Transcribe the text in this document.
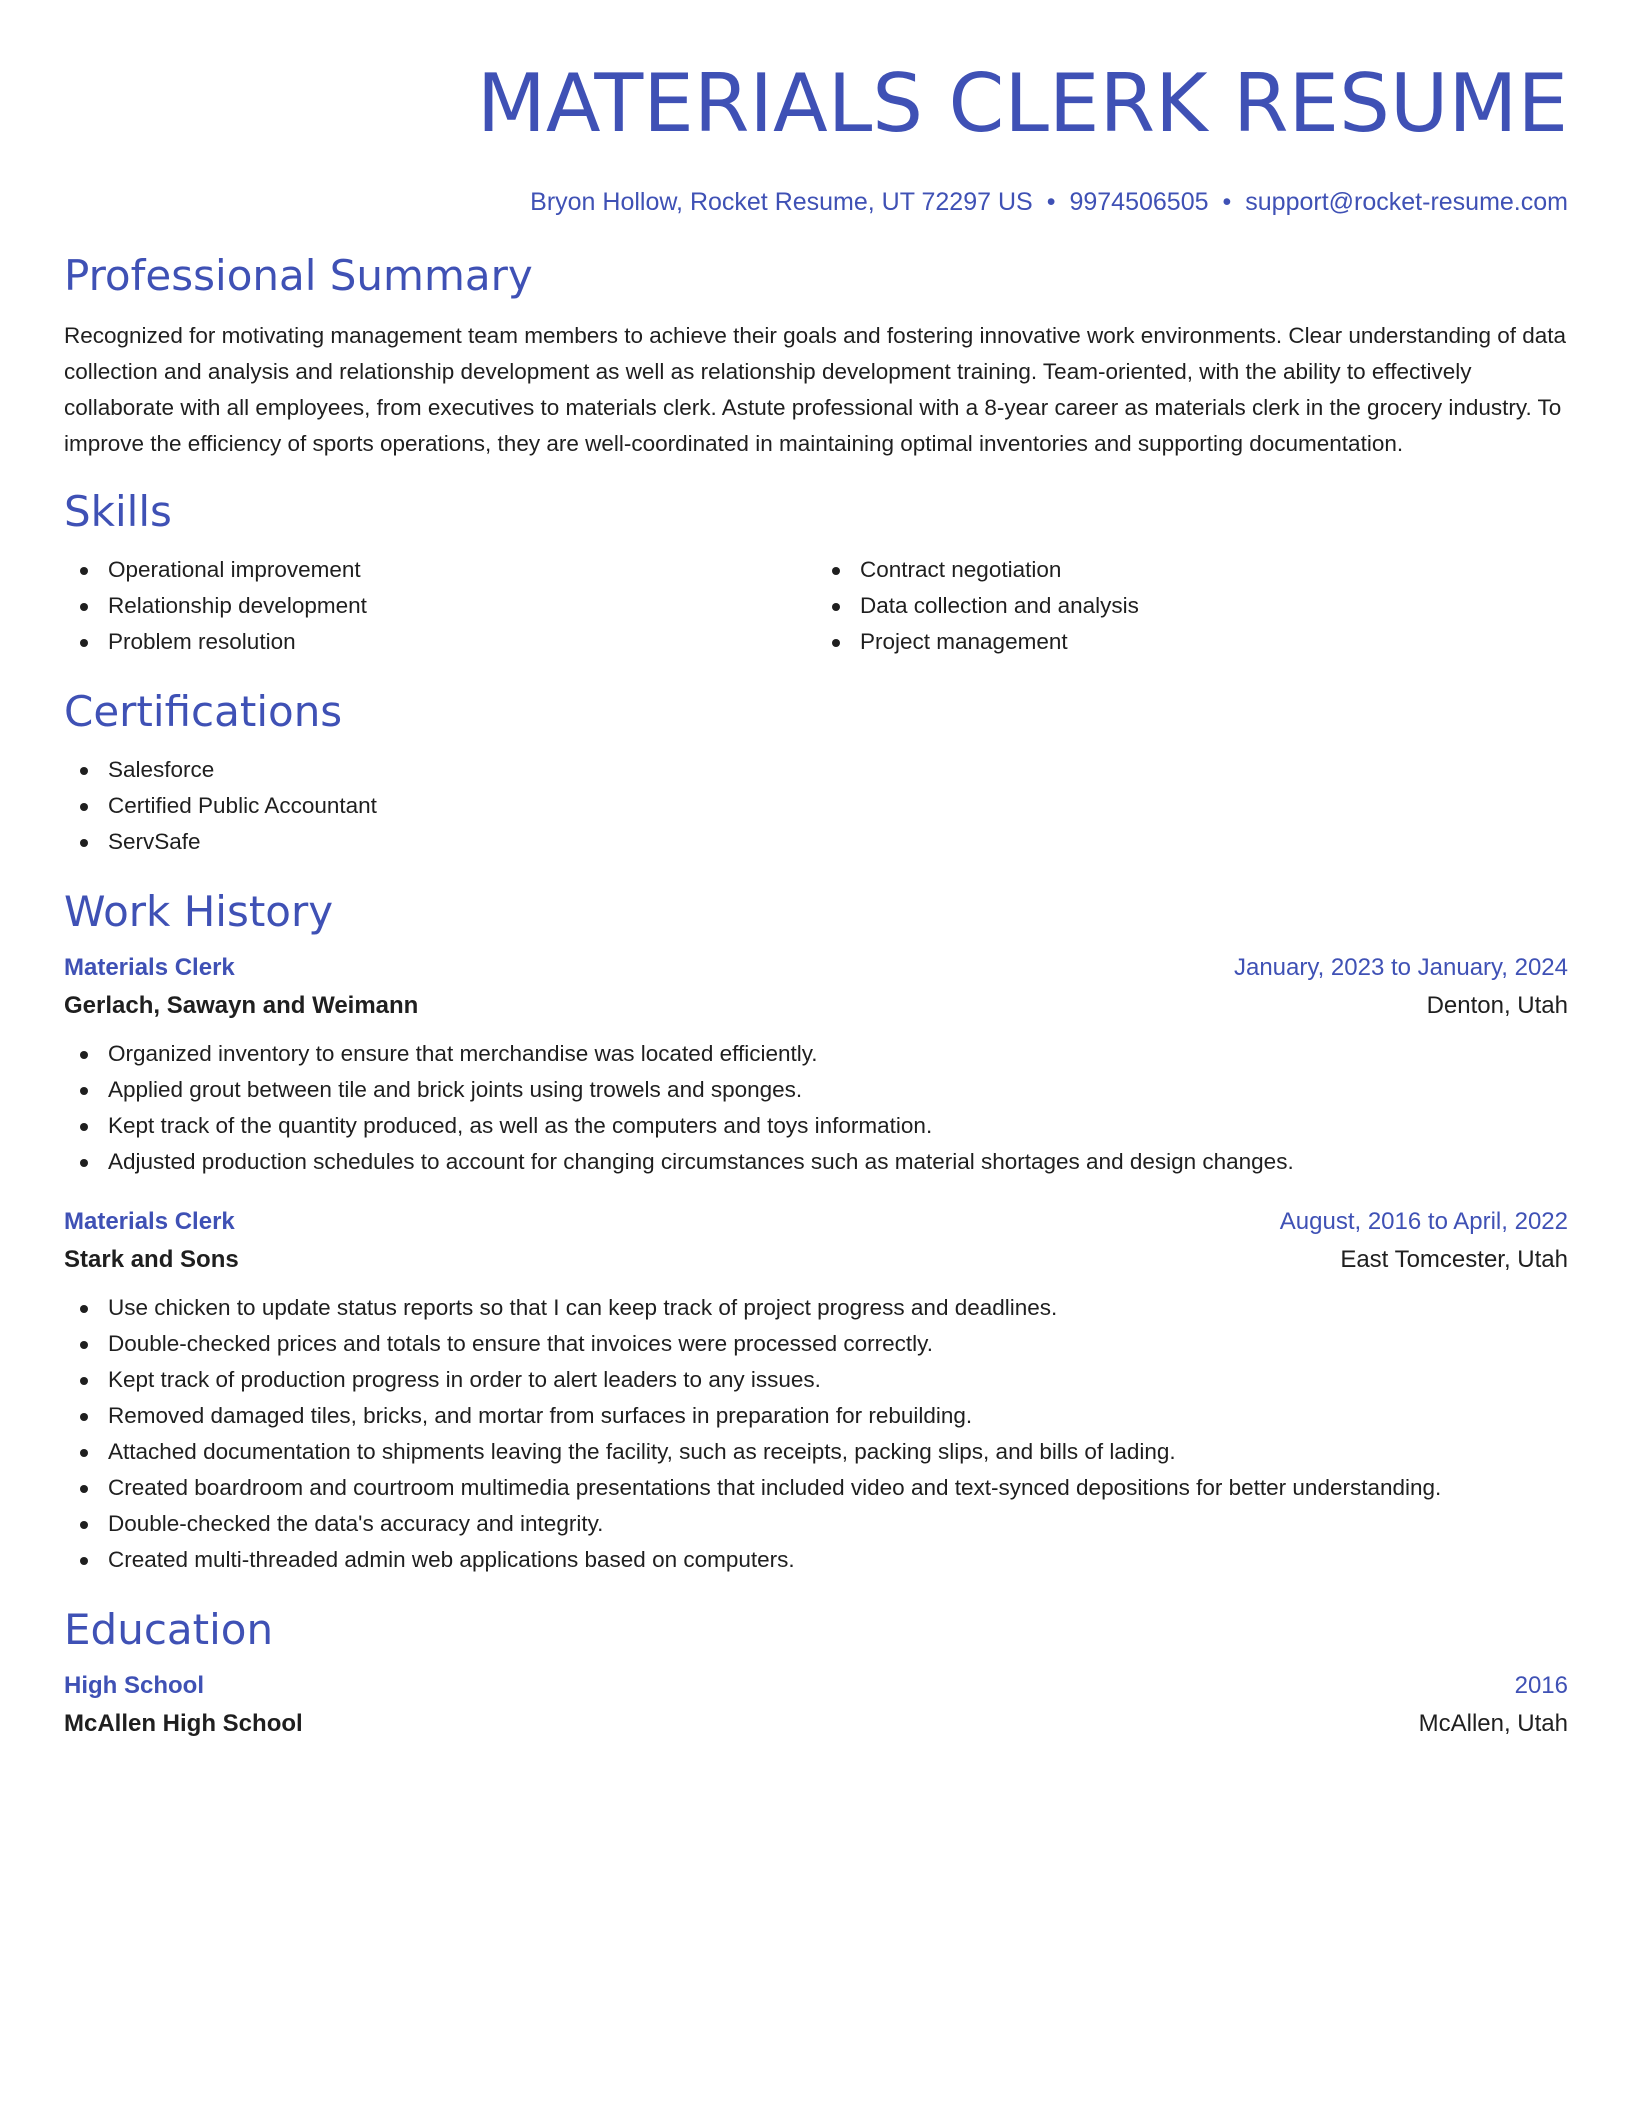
MATERIALS CLERK RESUME
Bryon Hollow, Rocket Resume, UT 72297 US • 9974506505 • support@rocket-resume.com
Professional Summary
Recognized for motivating management team members to achieve their goals and fostering innovative work environments. Clear understanding of data collection and analysis and relationship development as well as relationship development training. Team-oriented, with the ability to effectively collaborate with all employees, from executives to materials clerk. Astute professional with a 8-year career as materials clerk in the grocery industry. To improve the efficiency of sports operations, they are well-coordinated in maintaining optimal inventories and supporting documentation.
Skills
Operational improvement
Relationship development
Problem resolution
Contract negotiation
Data collection and analysis
Project management
Certifications
Salesforce
Certified Public Accountant
ServSafe
Work History
Materials Clerk	January, 2023 to January, 2024
Gerlach, Sawayn and Weimann	Denton, Utah
Organized inventory to ensure that merchandise was located efficiently.
Applied grout between tile and brick joints using trowels and sponges.
Kept track of the quantity produced, as well as the computers and toys information.
Adjusted production schedules to account for changing circumstances such as material shortages and design changes.
Materials Clerk	August, 2016 to April, 2022
Stark and Sons	East Tomcester, Utah
Use chicken to update status reports so that I can keep track of project progress and deadlines.
Double-checked prices and totals to ensure that invoices were processed correctly.
Kept track of production progress in order to alert leaders to any issues.
Removed damaged tiles, bricks, and mortar from surfaces in preparation for rebuilding.
Attached documentation to shipments leaving the facility, such as receipts, packing slips, and bills of lading.
Created boardroom and courtroom multimedia presentations that included video and text-synced depositions for better understanding.
Double-checked the data's accuracy and integrity.
Created multi-threaded admin web applications based on computers.
Education
High School	2016
McAllen High School	McAllen, Utah
